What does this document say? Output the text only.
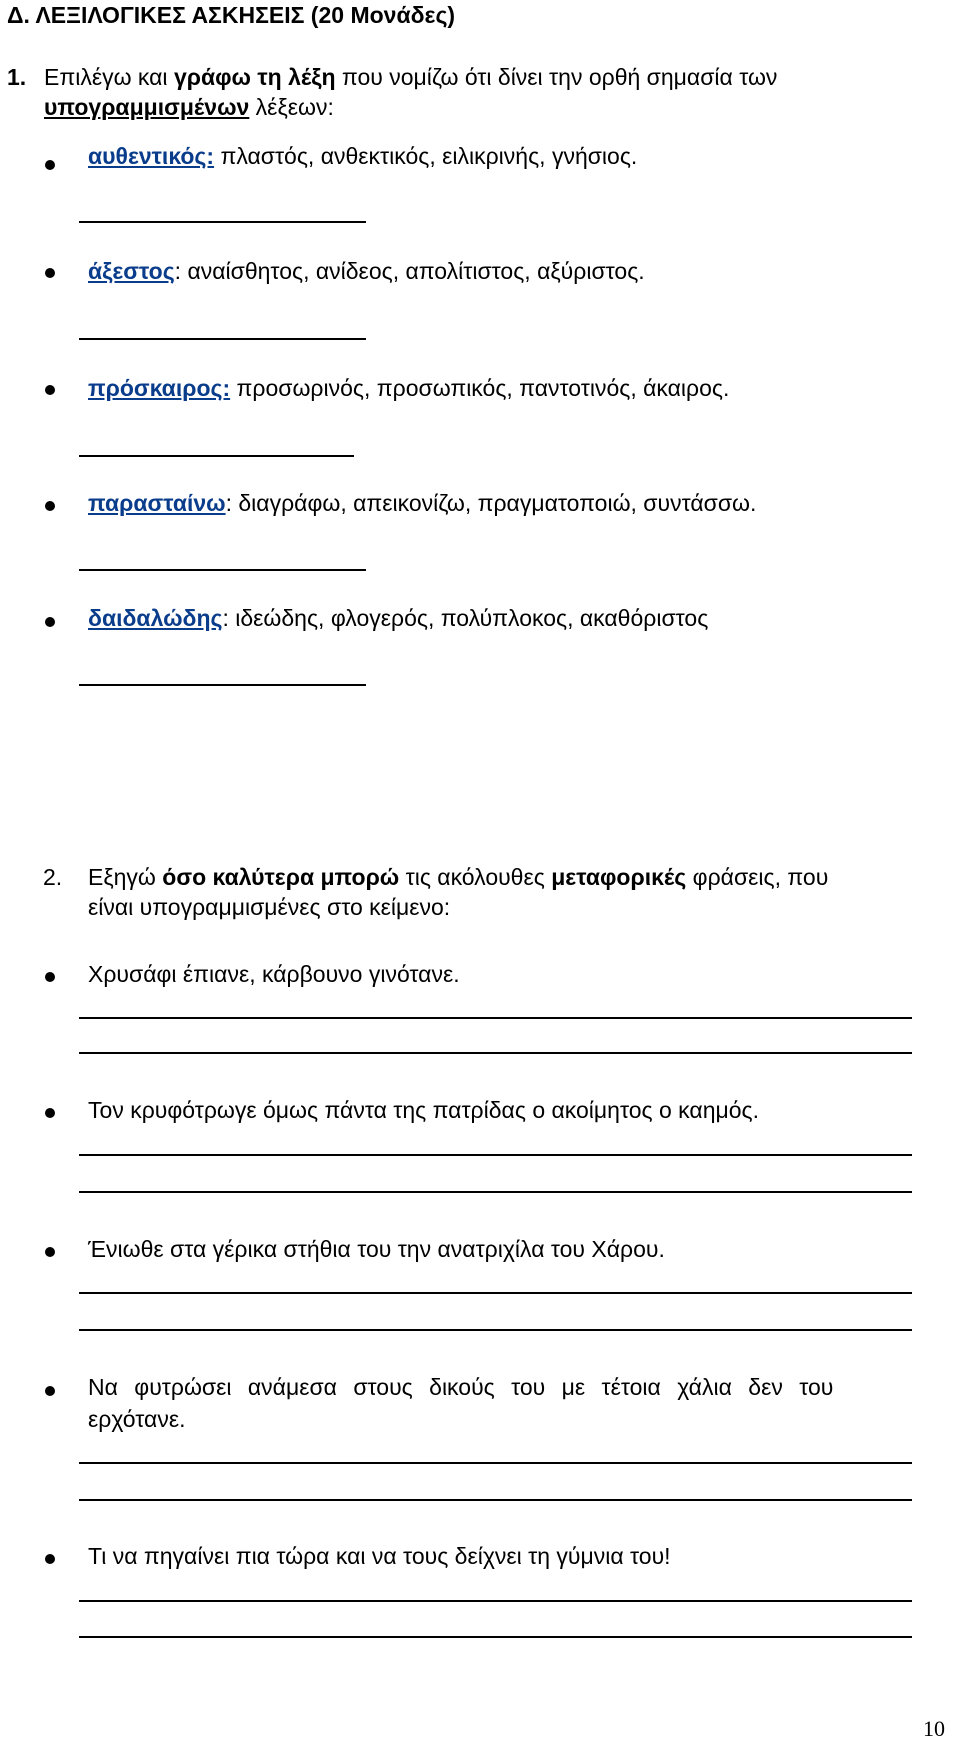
Δ. ΛΕΞΙΛΟΓΙΚΕΣ ΑΣΚΗΣΕΙΣ (20 Μονάδες)
1. Επιλέγω και γράφω τη λέξη που νομίζω ότι δίνει την ορθή σημασία των
υπογραμμισμένων λέξεων:
αυθεντικός: πλαστός, ανθεκτικός, ειλικρινής, γνήσιος.
άξεστος: αναίσθητος, ανίδεος, απολίτιστος, αξύριστος.
πρόσκαιρος: προσωρινός, προσωπικός, παντοτινός, άκαιρος.
παρασταίνω: διαγράφω, απεικονίζω, πραγματοποιώ, συντάσσω.
δαιδαλώδης: ιδεώδης, φλογερός, πολύπλοκος, ακαθόριστος
2. Εξηγώ όσο καλύτερα μπορώ τις ακόλουθες μεταφορικές φράσεις, που
είναι υπογραμμισμένες στο κείμενο:
Χρυσάφι έπιανε, κάρβουνο γινότανε.
Τον κρυφότρωγε όμως πάντα της πατρίδας ο ακοίμητος ο καημός.
Ένιωθε στα γέρικα στήθια του την ανατριχίλα του Χάρου.
Να φυτρώσει ανάμεσα στους δικούς του με τέτοια χάλια δεν του
ερχότανε.
Τι να πηγαίνει πια τώρα και να τους δείχνει τη γύμνια του!
10
